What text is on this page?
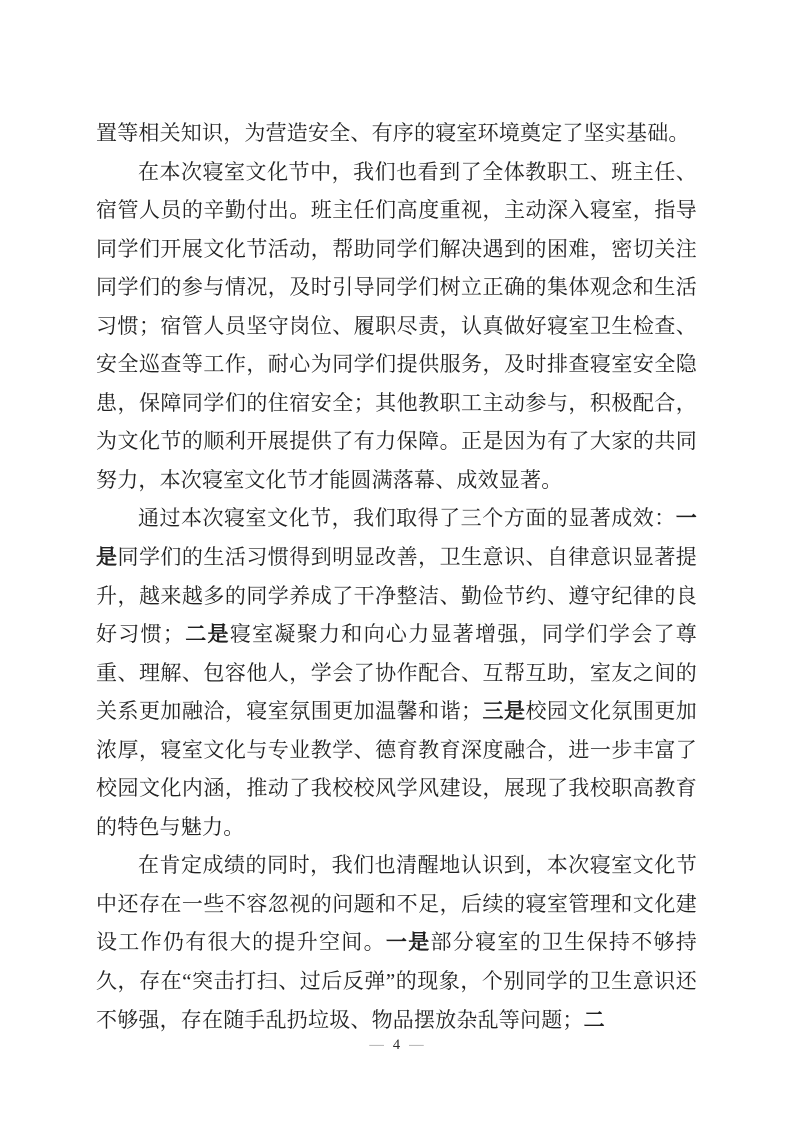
置等相关知识，为营造安全、有序的寝室环境奠定了坚实基础。

在本次寝室文化节中，我们也看到了全体教职工、班主任、宿管人员的辛勤付出。班主任们高度重视，主动深入寝室，指导同学们开展文化节活动，帮助同学们解决遇到的困难，密切关注同学们的参与情况，及时引导同学们树立正确的集体观念和生活习惯；宿管人员坚守岗位、履职尽责，认真做好寝室卫生检查、安全巡查等工作，耐心为同学们提供服务，及时排查寝室安全隐患，保障同学们的住宿安全；其他教职工主动参与，积极配合，为文化节的顺利开展提供了有力保障。正是因为有了大家的共同努力，本次寝室文化节才能圆满落幕、成效显著。

通过本次寝室文化节，我们取得了三个方面的显著成效：一是同学们的生活习惯得到明显改善，卫生意识、自律意识显著提升，越来越多的同学养成了干净整洁、勤俭节约、遵守纪律的良好习惯；二是寝室凝聚力和向心力显著增强，同学们学会了尊重、理解、包容他人，学会了协作配合、互帮互助，室友之间的关系更加融洽，寝室氛围更加温馨和谐；三是校园文化氛围更加浓厚，寝室文化与专业教学、德育教育深度融合，进一步丰富了校园文化内涵，推动了我校校风学风建设，展现了我校职高教育的特色与魅力。

在肯定成绩的同时，我们也清醒地认识到，本次寝室文化节中还存在一些不容忽视的问题和不足，后续的寝室管理和文化建设工作仍有很大的提升空间。一是部分寝室的卫生保持不够持久，存在“突击打扫、过后反弹”的现象，个别同学的卫生意识还不够强，存在随手乱扔垃圾、物品摆放杂乱等问题；二

— 4 —
